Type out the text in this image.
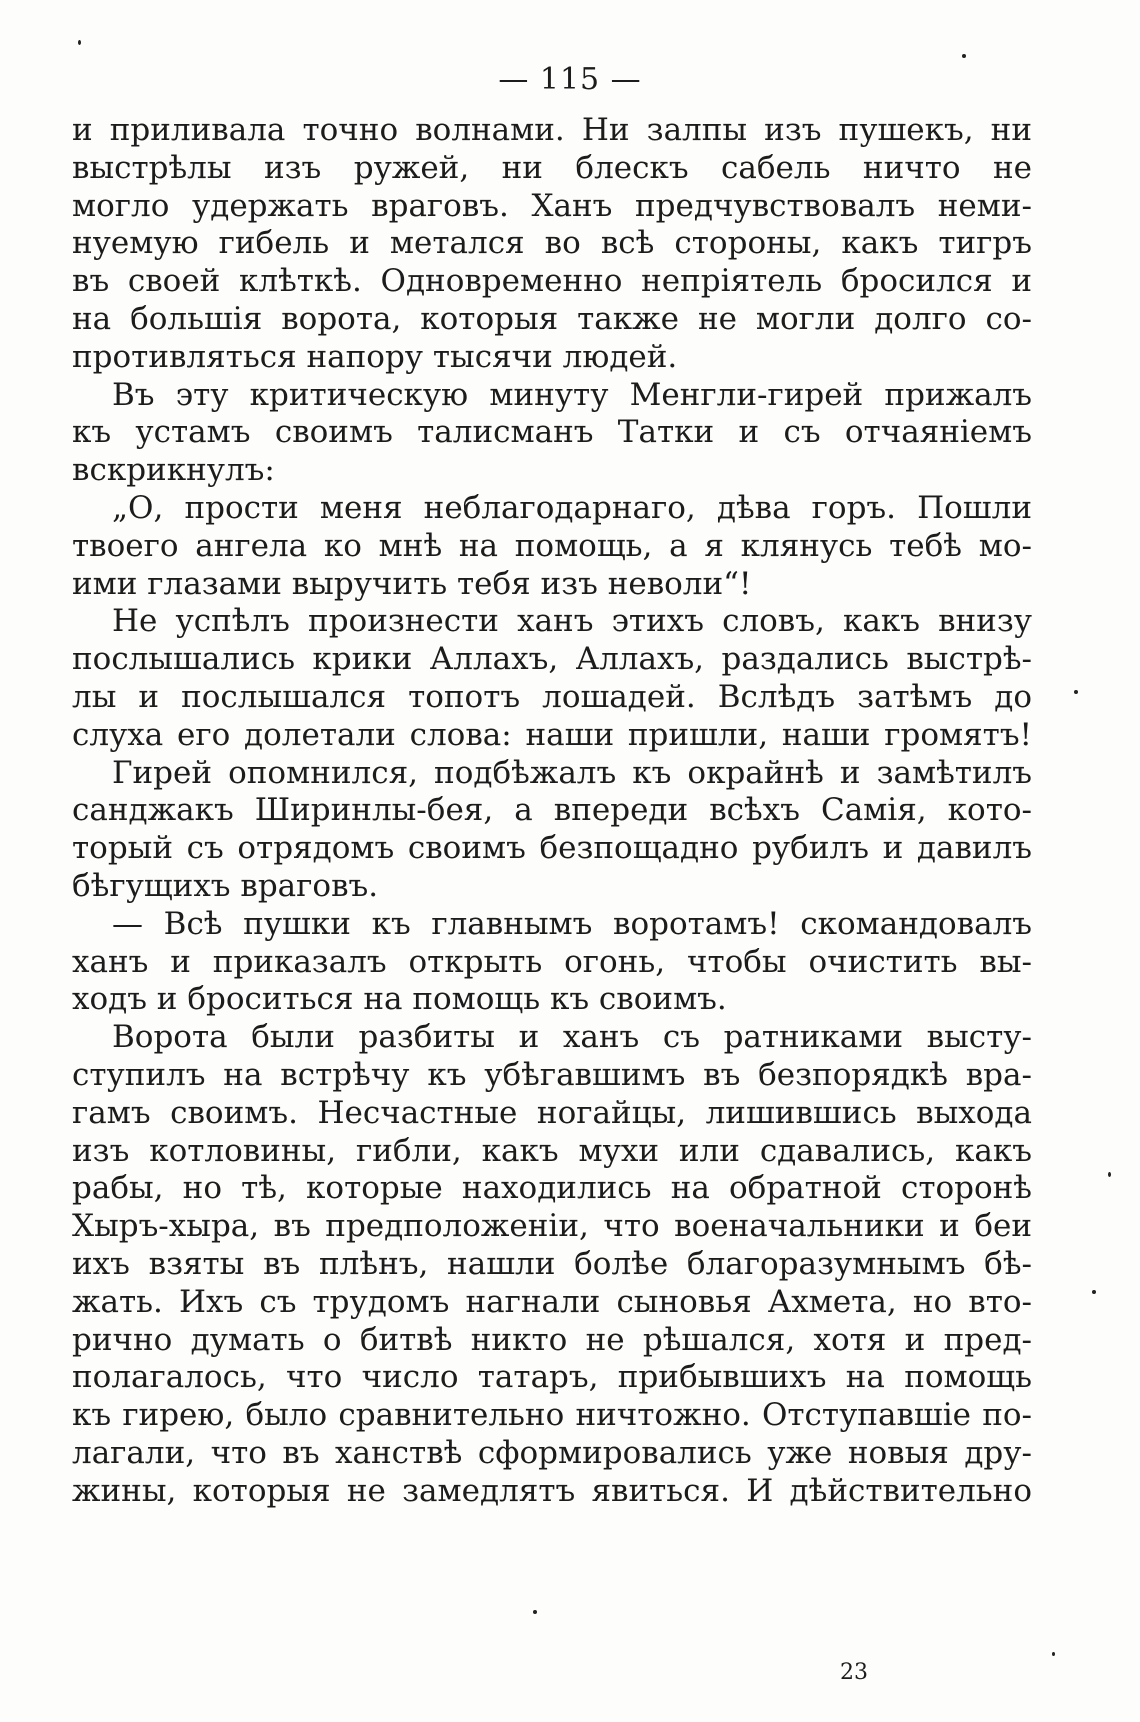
— 115 —
и приливала точно волнами. Ни залпы изъ пушекъ, ни
выстрѣлы изъ ружей, ни блескъ сабель ничто не
могло удержать враговъ. Ханъ предчувствовалъ неми-
нуемую гибель и метался во всѣ стороны, какъ тигръ
въ своей клѣткѣ. Одновременно непріятель бросился и
на большія ворота, которыя также не могли долго со-
противляться напору тысячи людей.
Въ эту критическую минуту Менгли-гирей прижалъ
къ устамъ своимъ талисманъ Татки и съ отчаяніемъ
вскрикнулъ:
„О, прости меня неблагодарнаго, дѣва горъ. Пошли
твоего ангела ко мнѣ на помощь, а я клянусь тебѣ мо-
ими глазами выручить тебя изъ неволи“!
Не успѣлъ произнести ханъ этихъ словъ, какъ внизу
послышались крики Аллахъ, Аллахъ, раздались выстрѣ-
лы и послышался топотъ лошадей. Вслѣдъ затѣмъ до
слуха его долетали слова: наши пришли, наши громятъ!
Гирей опомнился, подбѣжалъ къ окрайнѣ и замѣтилъ
санджакъ Ширинлы-бея, а впереди всѣхъ Самія, кото-
торый съ отрядомъ своимъ безпощадно рубилъ и давилъ
бѣгущихъ враговъ.
— Всѣ пушки къ главнымъ воротамъ! скомандовалъ
ханъ и приказалъ открыть огонь, чтобы очистить вы-
ходъ и броситься на помощь къ своимъ.
Ворота были разбиты и ханъ съ ратниками высту-
ступилъ на встрѣчу къ убѣгавшимъ въ безпорядкѣ вра-
гамъ своимъ. Несчастные ногайцы, лишившись выхода
изъ котловины, гибли, какъ мухи или сдавались, какъ
рабы, но тѣ, которые находились на обратной сторонѣ
Хыръ-хыра, въ предположеніи, что военачальники и беи
ихъ взяты въ плѣнъ, нашли болѣе благоразумнымъ бѣ-
жать. Ихъ съ трудомъ нагнали сыновья Ахмета, но вто-
рично думать о битвѣ никто не рѣшался, хотя и пред-
полагалось, что число татаръ, прибывшихъ на помощь
къ гирею, было сравнительно ничтожно. Отступавшіе по-
лагали, что въ ханствѣ сформировались уже новыя дру-
жины, которыя не замедлятъ явиться. И дѣйствительно
23
